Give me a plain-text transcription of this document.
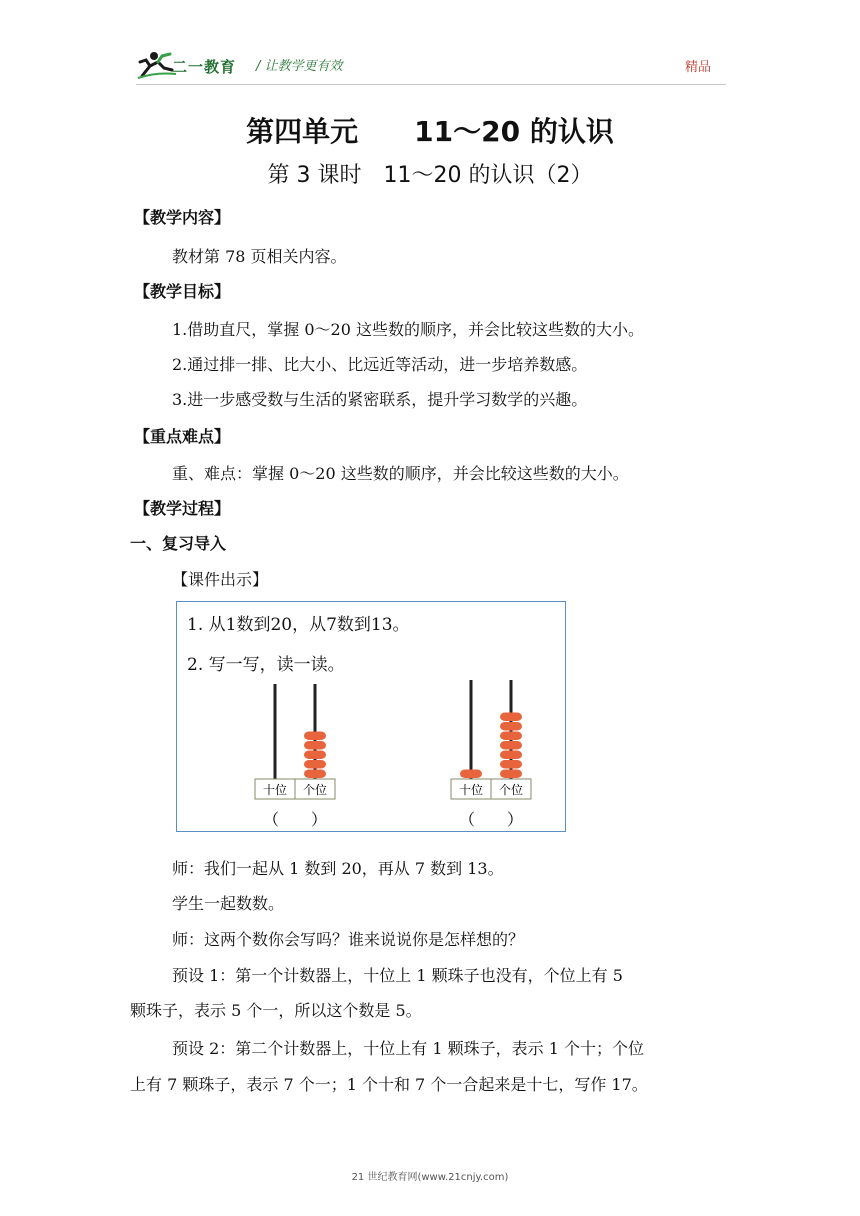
二一教育 / 让教学更有效	精品
第四单元　　11～20 的认识
第 3 课时　11～20 的认识（2）
【教学内容】
教材第 78 页相关内容。
【教学目标】
1.借助直尺，掌握 0～20 这些数的顺序，并会比较这些数的大小。
2.通过排一排、比大小、比远近等活动，进一步培养数感。
3.进一步感受数与生活的紧密联系，提升学习数学的兴趣。
【重点难点】
重、难点：掌握 0～20 这些数的顺序，并会比较这些数的大小。
【教学过程】
一、复习导入
【课件出示】
1. 从1数到20，从7数到13。
2. 写一写，读一读。
十位 个位
（　　）
十位 个位
（　　）
师：我们一起从 1 数到 20，再从 7 数到 13。
学生一起数数。
师：这两个数你会写吗？谁来说说你是怎样想的？
预设 1：第一个计数器上，十位上 1 颗珠子也没有，个位上有 5
颗珠子，表示 5 个一，所以这个数是 5。
预设 2：第二个计数器上，十位上有 1 颗珠子，表示 1 个十；个位
上有 7 颗珠子，表示 7 个一；1 个十和 7 个一合起来是十七，写作 17。
21 世纪教育网(www.21cnjy.com)
